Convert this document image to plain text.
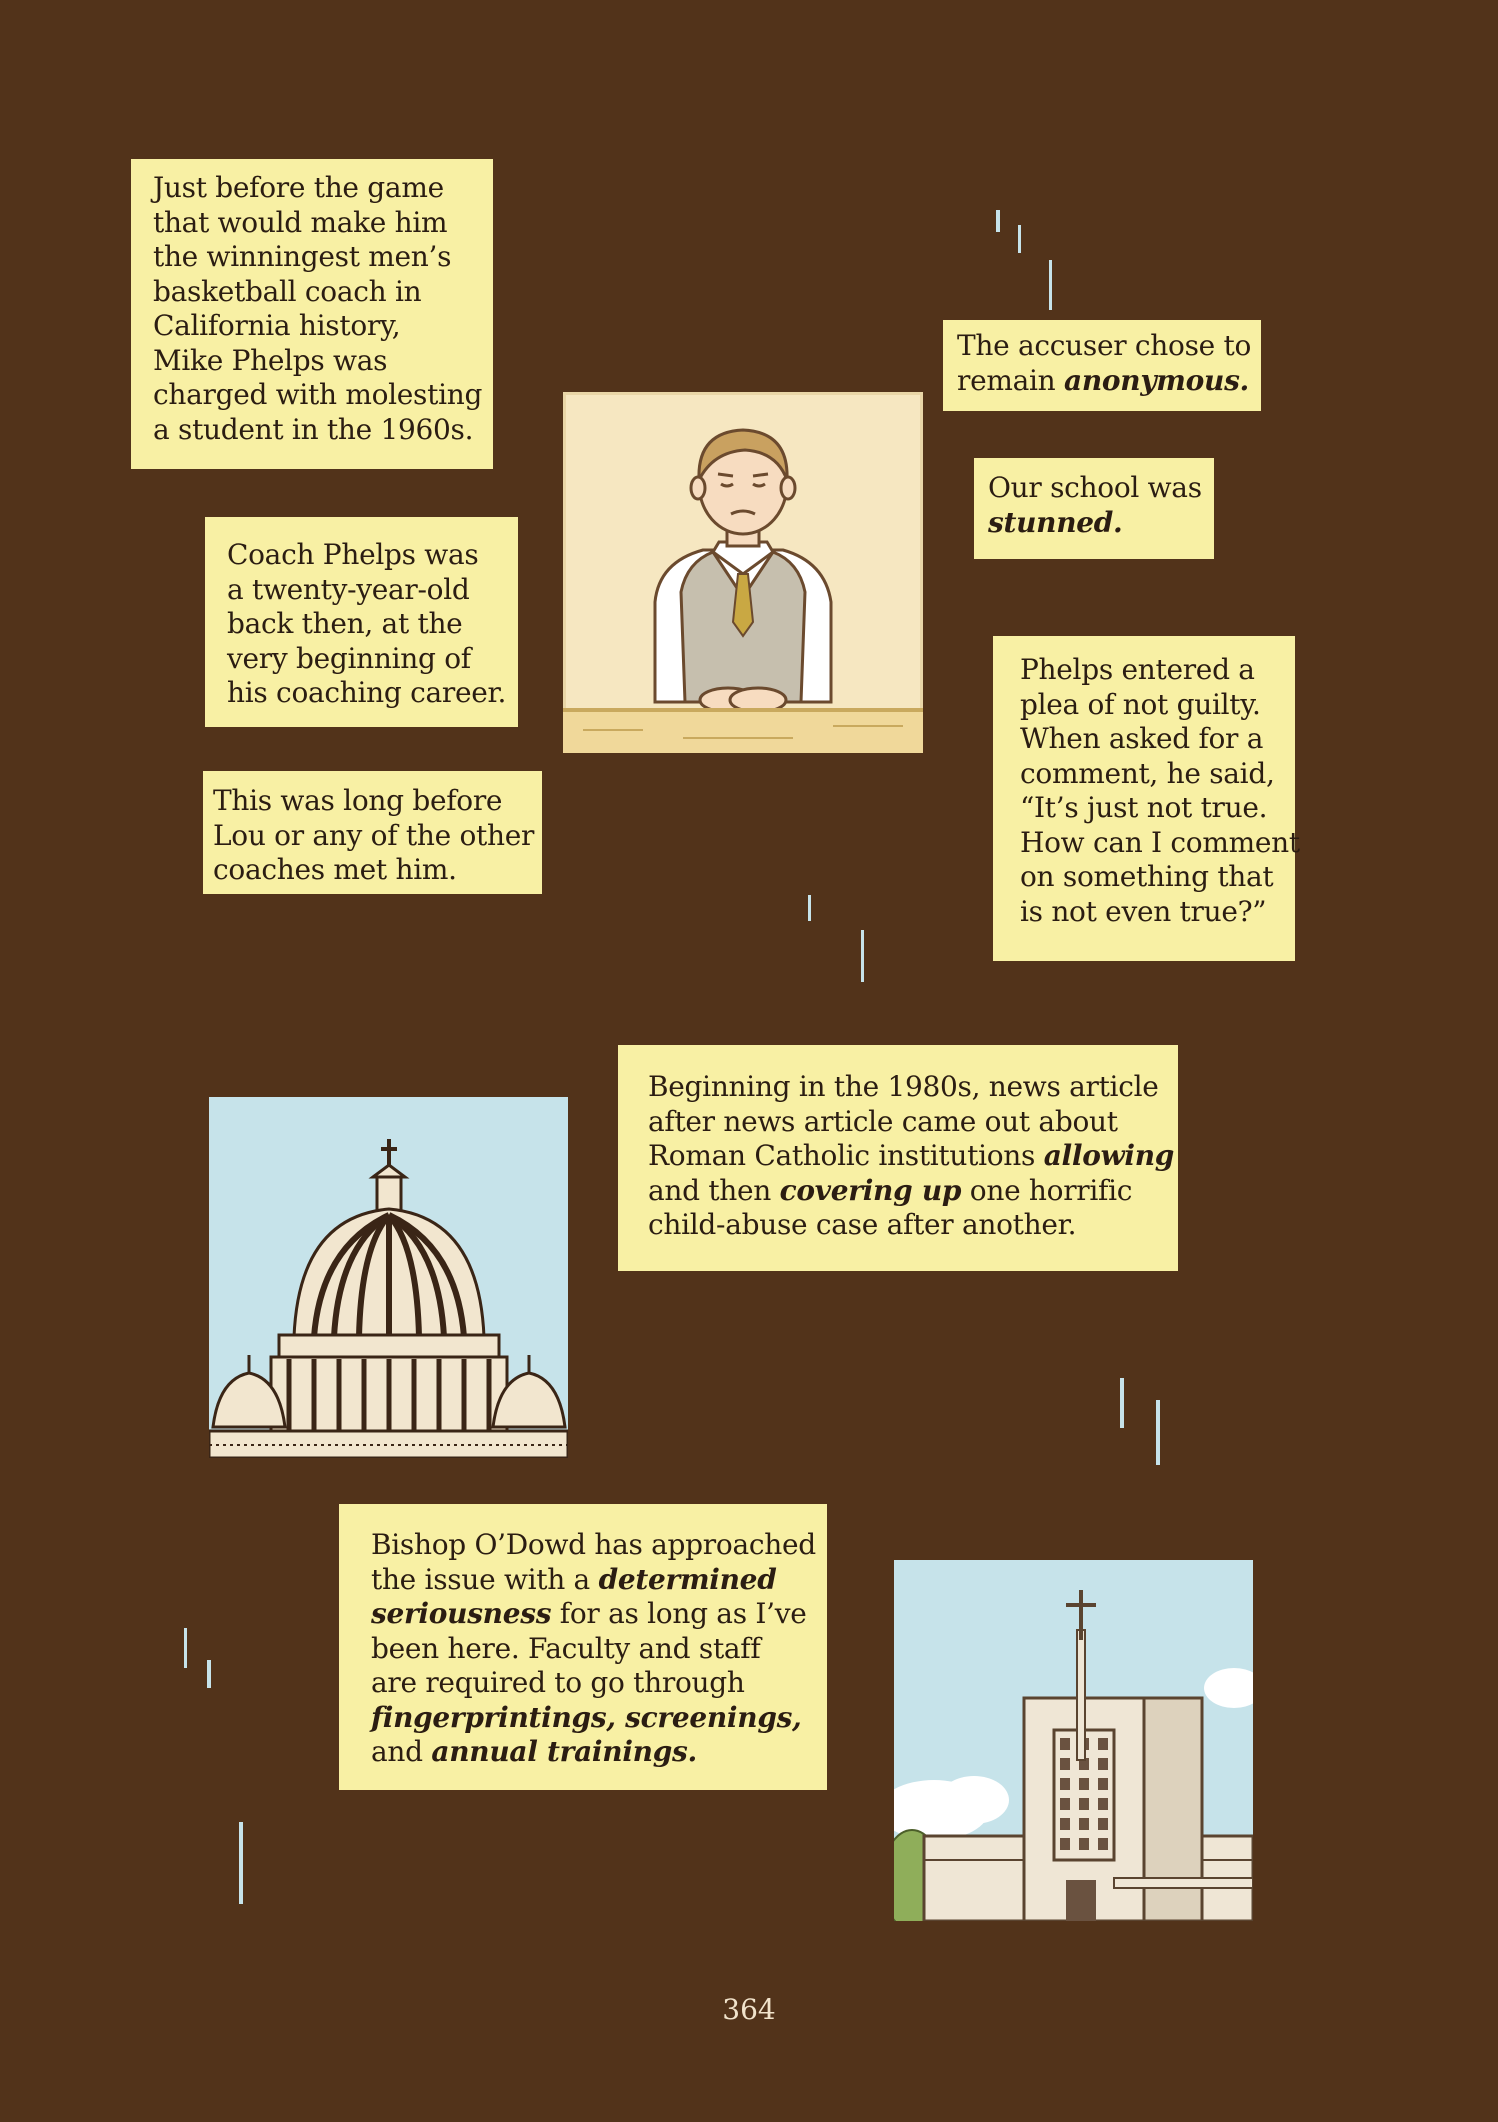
Just before the game
that would make him
the winningest men’s
basketball coach in
California history,
Mike Phelps was
charged with molesting
a student in the 1960s.
Coach Phelps was
a twenty-year-old
back then, at the
very beginning of
his coaching career.
This was long before
Lou or any of the other
coaches met him.
The accuser chose to
remain anonymous.
Our school was
stunned.
Phelps entered a
plea of not guilty.
When asked for a
comment, he said,
“It’s just not true.
How can I comment
on something that
is not even true?”
Beginning in the 1980s, news article
after news article came out about
Roman Catholic institutions allowing
and then covering up one horrific
child-abuse case after another.
Bishop O’Dowd has approached
the issue with a determined
seriousness for as long as I’ve
been here. Faculty and staff
are required to go through
fingerprintings, screenings,
and annual trainings.
364
